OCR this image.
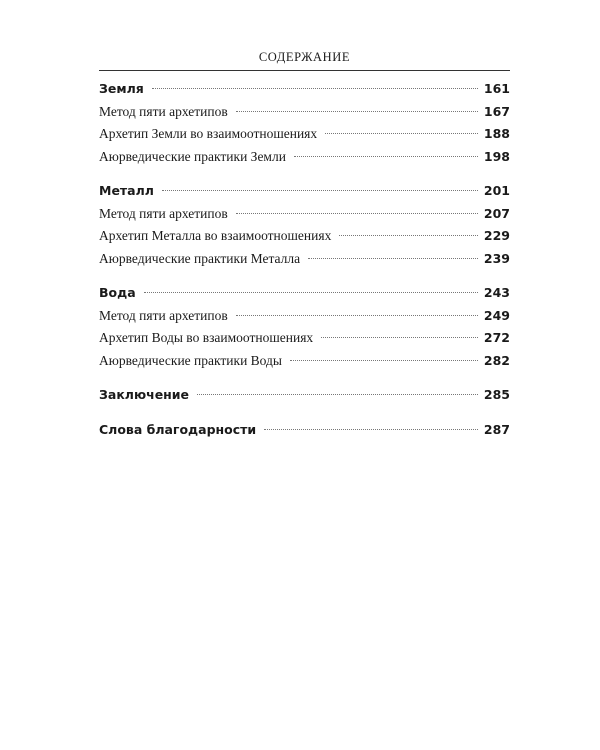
СОДЕРЖАНИЕ
Земля	161
Метод пяти архетипов	167
Архетип Земли во взаимоотношениях	188
Аюрведические практики Земли	198
Металл	201
Метод пяти архетипов	207
Архетип Металла во взаимоотношениях	229
Аюрведические практики Металла	239
Вода	243
Метод пяти архетипов	249
Архетип Воды во взаимоотношениях	272
Аюрведические практики Воды	282
Заключение	285
Слова благодарности	287
